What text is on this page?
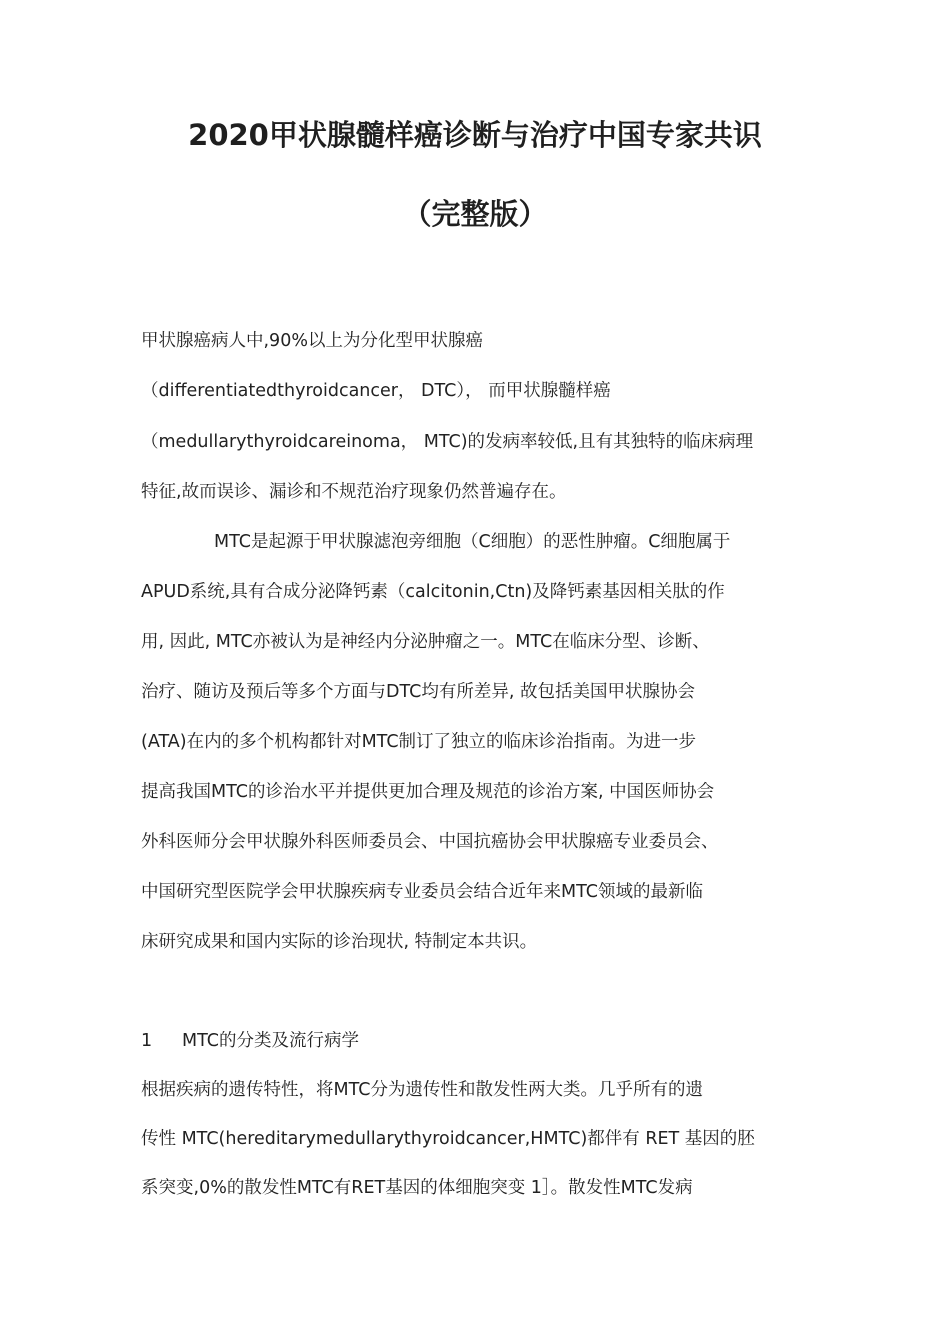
2020甲状腺髓样癌诊断与治疗中国专家共识
（完整版）
甲状腺癌病人中,90%以上为分化型甲状腺癌
（differentiatedthyroidcancer， DTC）， 而甲状腺髓样癌
（medullarythyroidcareinoma， MTC)的发病率较低,且有其独特的临床病理
特征,故而误诊、漏诊和不规范治疗现象仍然普遍存在。
MTC是起源于甲状腺滤泡旁细胞（C细胞）的恶性肿瘤。C细胞属于
APUD系统,具有合成分泌降钙素（calcitonin,Ctn)及降钙素基因相关肽的作
用, 因此, MTC亦被认为是神经内分泌肿瘤之一。MTC在临床分型、诊断、
治疗、随访及预后等多个方面与DTC均有所差异, 故包括美国甲状腺协会
(ATA)在内的多个机构都针对MTC制订了独立的临床诊治指南。为进一步
提高我国MTC的诊治水平并提供更加合理及规范的诊治方案, 中国医师协会
外科医师分会甲状腺外科医师委员会、中国抗癌协会甲状腺癌专业委员会、
中国研究型医院学会甲状腺疾病专业委员会结合近年来MTC领域的最新临
床研究成果和国内实际的诊治现状, 特制定本共识。
1 MTC的分类及流行病学
根据疾病的遗传特性，将MTC分为遗传性和散发性两大类。几乎所有的遗
传性 MTC(hereditarymedullarythyroidcancer,HMTC)都伴有 RET 基因的胚
系突变,0%的散发性MTC有RET基因的体细胞突变 1］。散发性MTC发病
